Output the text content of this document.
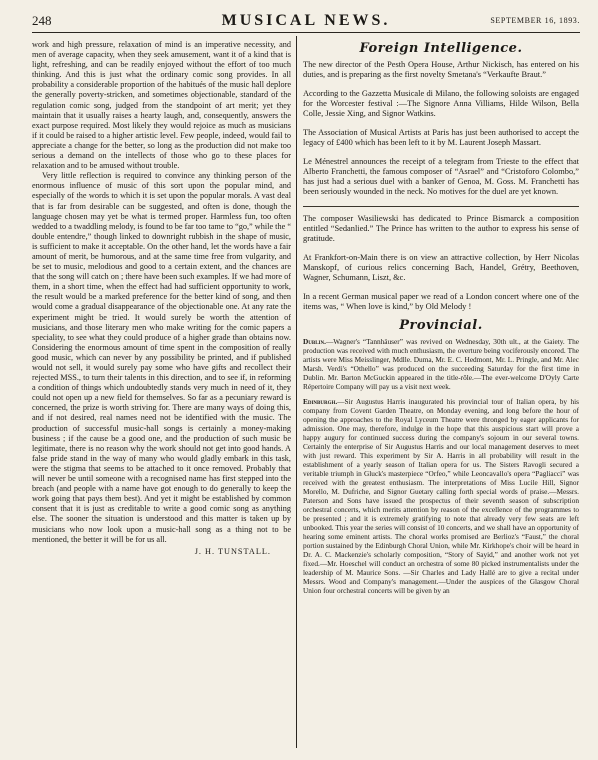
248	MUSICAL NEWS.	SEPTEMBER 16, 1893.

work and high pressure, relaxation of mind is an imperative necessity, and men of average capacity, when they seek amusement, want it of a kind that is light, refreshing, and can be readily enjoyed without the effort of too much thinking. And this is just what the ordinary comic song provides. In all probability a considerable proportion of the habitués of the music hall deplore the generally poverty-stricken, and sometimes objectionable, standard of the regulation comic song, judged from the standpoint of art merit; yet they maintain that it usually raises a hearty laugh, and, consequently, answers the exact purpose required. Most likely they would rejoice as much as musicians if it could be raised to a higher artistic level. Few people, indeed, would fail to appreciate a change for the better, so long as the production did not make too serious a demand on the intellects of those who go to these places for relaxation and to be amused without trouble.

Very little reflection is required to convince any thinking person of the enormous influence of music of this sort upon the popular mind, and especially of the words to which it is set upon the popular morals. A vast deal that is far from desirable can be suggested, and often is done, though the language chosen may yet be what is termed proper. Harmless fun, too often wedded to a twaddling melody, is found to be far too tame to “go,” while the “ double entendre,” though linked to downright rubbish in the shape of music, is sufficient to make it acceptable. On the other hand, let the words have a fair amount of merit, be humorous, and at the same time free from vulgarity, and be set to music, melodious and good to a certain extent, and the chances are that the song will catch on ; there have been such examples. If we had more of them, in a short time, when the effect had had sufficient opportunity to work, the result would be a marked preference for the better kind of song, and then would come a gradual disappearance of the objectionable one. At any rate the experiment might be tried. It would surely be worth the attention of musicians, and those literary men who make writing for the comic papers a speciality, to see what they could produce of a higher grade than obtains now. Considering the enormous amount of time spent in the composition of really good music, which can never by any possibility be printed, and if published would not sell, it would surely pay some who have gifts and recollect their rejected MSS., to turn their talents in this direction, and to see if, in reforming a condition of things which undoubtedly stands very much in need of it, they could not open up a new field for themselves. So far as a pecuniary reward is concerned, the prize is worth striving for. There are many ways of doing this, and if not desired, real names need not be identified with the music. The production of successful music-hall songs is certainly a money-making business ; if the cause be a good one, and the production of such music be legitimate, there is no reason why the work should not get into good hands. A false pride stand in the way of many who would gladly embark in this task, were the stigma that seems to be attached to it once removed. Probably that will never be until someone with a recognised name has first stepped into the breach (and people with a name have got enough to do generally to keep the work going that pays them best). And yet it might be established by common consent that it is just as creditable to write a good comic song as anything else. The sooner the situation is understood and this matter is taken up by musicians who now look upon a music-hall song as a thing not to be mentioned, the better it will be for us all.

J. H. TUNSTALL.

Foreign Intelligence.

The new director of the Pesth Opera House, Arthur Nickisch, has entered on his duties, and is preparing as the first novelty Smetana's “Verkaufte Braut.”

According to the Gazzetta Musicale di Milano, the following soloists are engaged for the Worcester festival :—The Signore Anna Villiams, Hilde Wilson, Bella Colle, Jessie Xing, and Signor Watkins.

The Association of Musical Artists at Paris has just been authorised to accept the legacy of £400 which has been left to it by M. Laurent Joseph Massart.

Le Ménestrel announces the receipt of a telegram from Trieste to the effect that Alberto Franchetti, the famous composer of “Asrael” and “Cristoforo Colombo,” has just had a serious duel with a banker of Genoa, M. Goss. M. Franchetti has been seriously wounded in the neck. No motives for the duel are yet known.

The composer Wasiliewski has dedicated to Prince Bismarck a composition entitled “Sedanlied.” The Prince has written to the author to express his sense of gratitude.

At Frankfort-on-Main there is on view an attractive collection, by Herr Nicolas Manskopf, of curious relics concerning Bach, Handel, Grétry, Beethoven, Wagner, Schumann, Liszt, &c.

In a recent German musical paper we read of a London concert where one of the items was, “ When love is kind,” by Old Melody !

Provincial.

Dublin.—Wagner's “Tannhäuser” was revived on Wednesday, 30th ult., at the Gaiety. The production was received with much enthusiasm, the overture being vociferously encored. The artists were Miss Meisslinger, Mdlle. Duma, Mr. E. C. Hedmont, Mr. L. Pringle, and Mr. Alec Marsh. Verdi's “Othello” was produced on the succeeding Saturday for the first time in Dublin. Mr. Barton McGuckin appeared in the title-rôle.—The ever-welcome D'Oyly Carte Répertoire Company will pay us a visit next week.

Edinburgh.—Sir Augustus Harris inaugurated his provincial tour of Italian opera, by his company from Covent Garden Theatre, on Monday evening, and long before the hour of opening the approaches to the Royal Lyceum Theatre were thronged by eager applicants for admission. One may, therefore, indulge in the hope that this auspicious start will prove a happy augury for continued success during the company's sojourn in our several towns. Certainly the enterprise of Sir Augustus Harris and our local management deserves to meet with just reward. This experiment by Sir A. Harris in all probability will result in the establishment of a yearly season of Italian opera for us. The Sisters Ravogli secured a veritable triumph in Gluck's masterpiece “Orfeo,” while Leoncavallo's opera “Pagliacci” was received with the greatest enthusiasm. The interpretations of Miss Lucile Hill, Signor Morello, M. Dufriche, and Signor Guetary calling forth special words of praise.—Messrs. Paterson and Sons have issued the prospectus of their seventh season of subscription orchestral concerts, which merits attention by reason of the excellence of the programmes to be presented ; and it is extremely gratifying to note that already very few seats are left unbooked. This year the series will consist of 10 concerts, and we shall have an opportunity of hearing some eminent artists. The choral works promised are Berlioz's “Faust,” the choral portion sustained by the Edinburgh Choral Union, while Mr. Kirkhope's choir will be heard in Dr. A. C. Mackenzie's scholarly composition, “Story of Sayid,” and another work not yet fixed.—Mr. Hoeschel will conduct an orchestra of some 80 picked instrumentalists under the leadership of M. Maurice Sons. —Sir Charles and Lady Hallé are to give a recital under Messrs. Wood and Company's management.—Under the auspices of the Glasgow Choral Union four orchestral concerts will be given by an
